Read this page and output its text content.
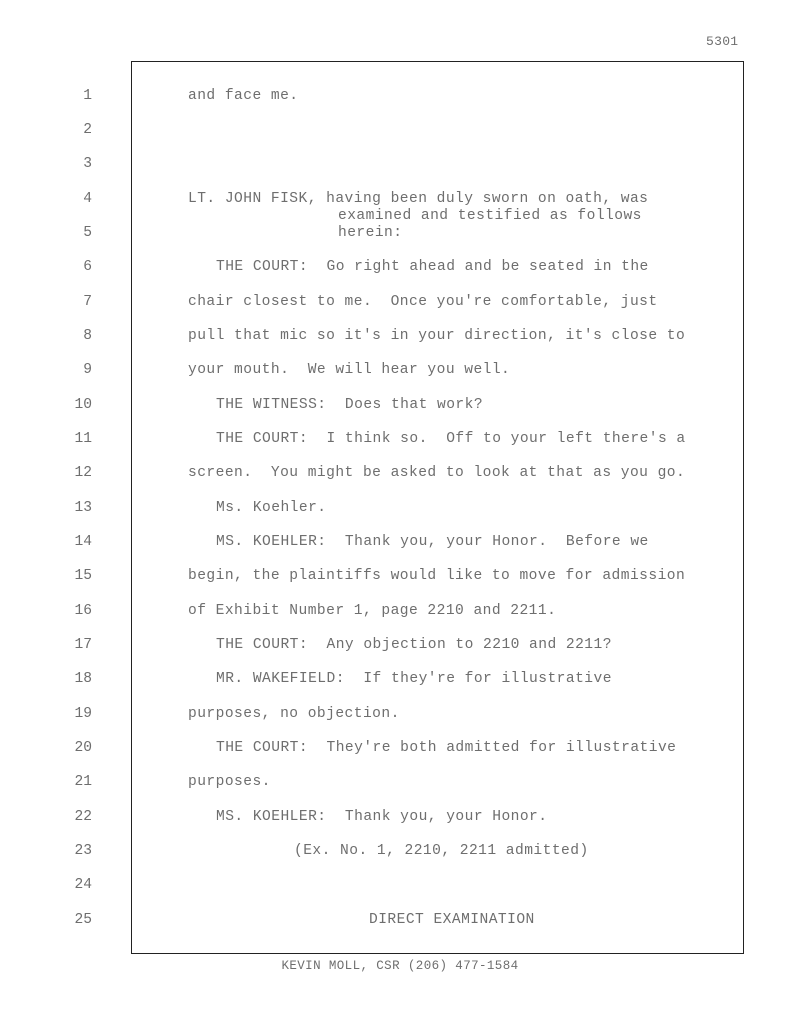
5301
1
2
3
4
5
6
7
8
9
10
11
12
13
14
15
16
17
18
19
20
21
22
23
24
25
and face me.
LT. JOHN FISK, having been duly sworn on oath, was
examined and testified as follows
herein:
THE COURT:  Go right ahead and be seated in the
chair closest to me.  Once you're comfortable, just
pull that mic so it's in your direction, it's close to
your mouth.  We will hear you well.
THE WITNESS:  Does that work?
THE COURT:  I think so.  Off to your left there's a
screen.  You might be asked to look at that as you go.
Ms. Koehler.
MS. KOEHLER:  Thank you, your Honor.  Before we
begin, the plaintiffs would like to move for admission
of Exhibit Number 1, page 2210 and 2211.
THE COURT:  Any objection to 2210 and 2211?
MR. WAKEFIELD:  If they're for illustrative
purposes, no objection.
THE COURT:  They're both admitted for illustrative
purposes.
MS. KOEHLER:  Thank you, your Honor.
(Ex. No. 1, 2210, 2211 admitted)
DIRECT EXAMINATION
KEVIN MOLL, CSR (206) 477-1584
